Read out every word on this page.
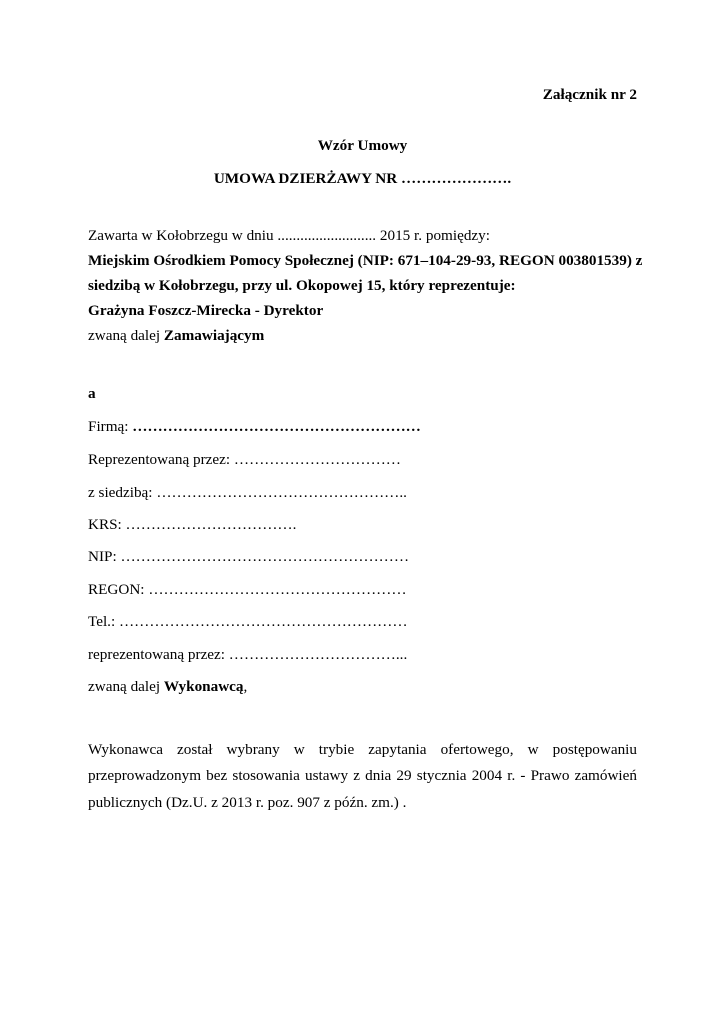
Załącznik nr 2
Wzór Umowy
UMOWA DZIERŻAWY NR ………………….
Zawarta w Kołobrzegu w dniu .......................... 2015 r. pomiędzy:
Miejskim Ośrodkiem Pomocy Społecznej (NIP: 671–104-29-93, REGON 003801539) z
siedzibą w Kołobrzegu, przy ul. Okopowej 15, który reprezentuje:
Grażyna Foszcz-Mirecka - Dyrektor
zwaną dalej Zamawiającym
a
Firmą: …………………………………………………
Reprezentowaną przez: ……………………………
z siedzibą: …………………………………………..
KRS: …………………………….
NIP: …………………………………………………
REGON: ……………………………………………
Tel.: …………………………………………………
reprezentowaną przez: ……………………………...
zwaną dalej Wykonawcą,
Wykonawca został wybrany w trybie zapytania ofertowego, w postępowaniu
przeprowadzonym bez stosowania ustawy z dnia 29 stycznia 2004 r. - Prawo zamówień
publicznych (Dz.U. z 2013 r. poz. 907 z późn. zm.) .
